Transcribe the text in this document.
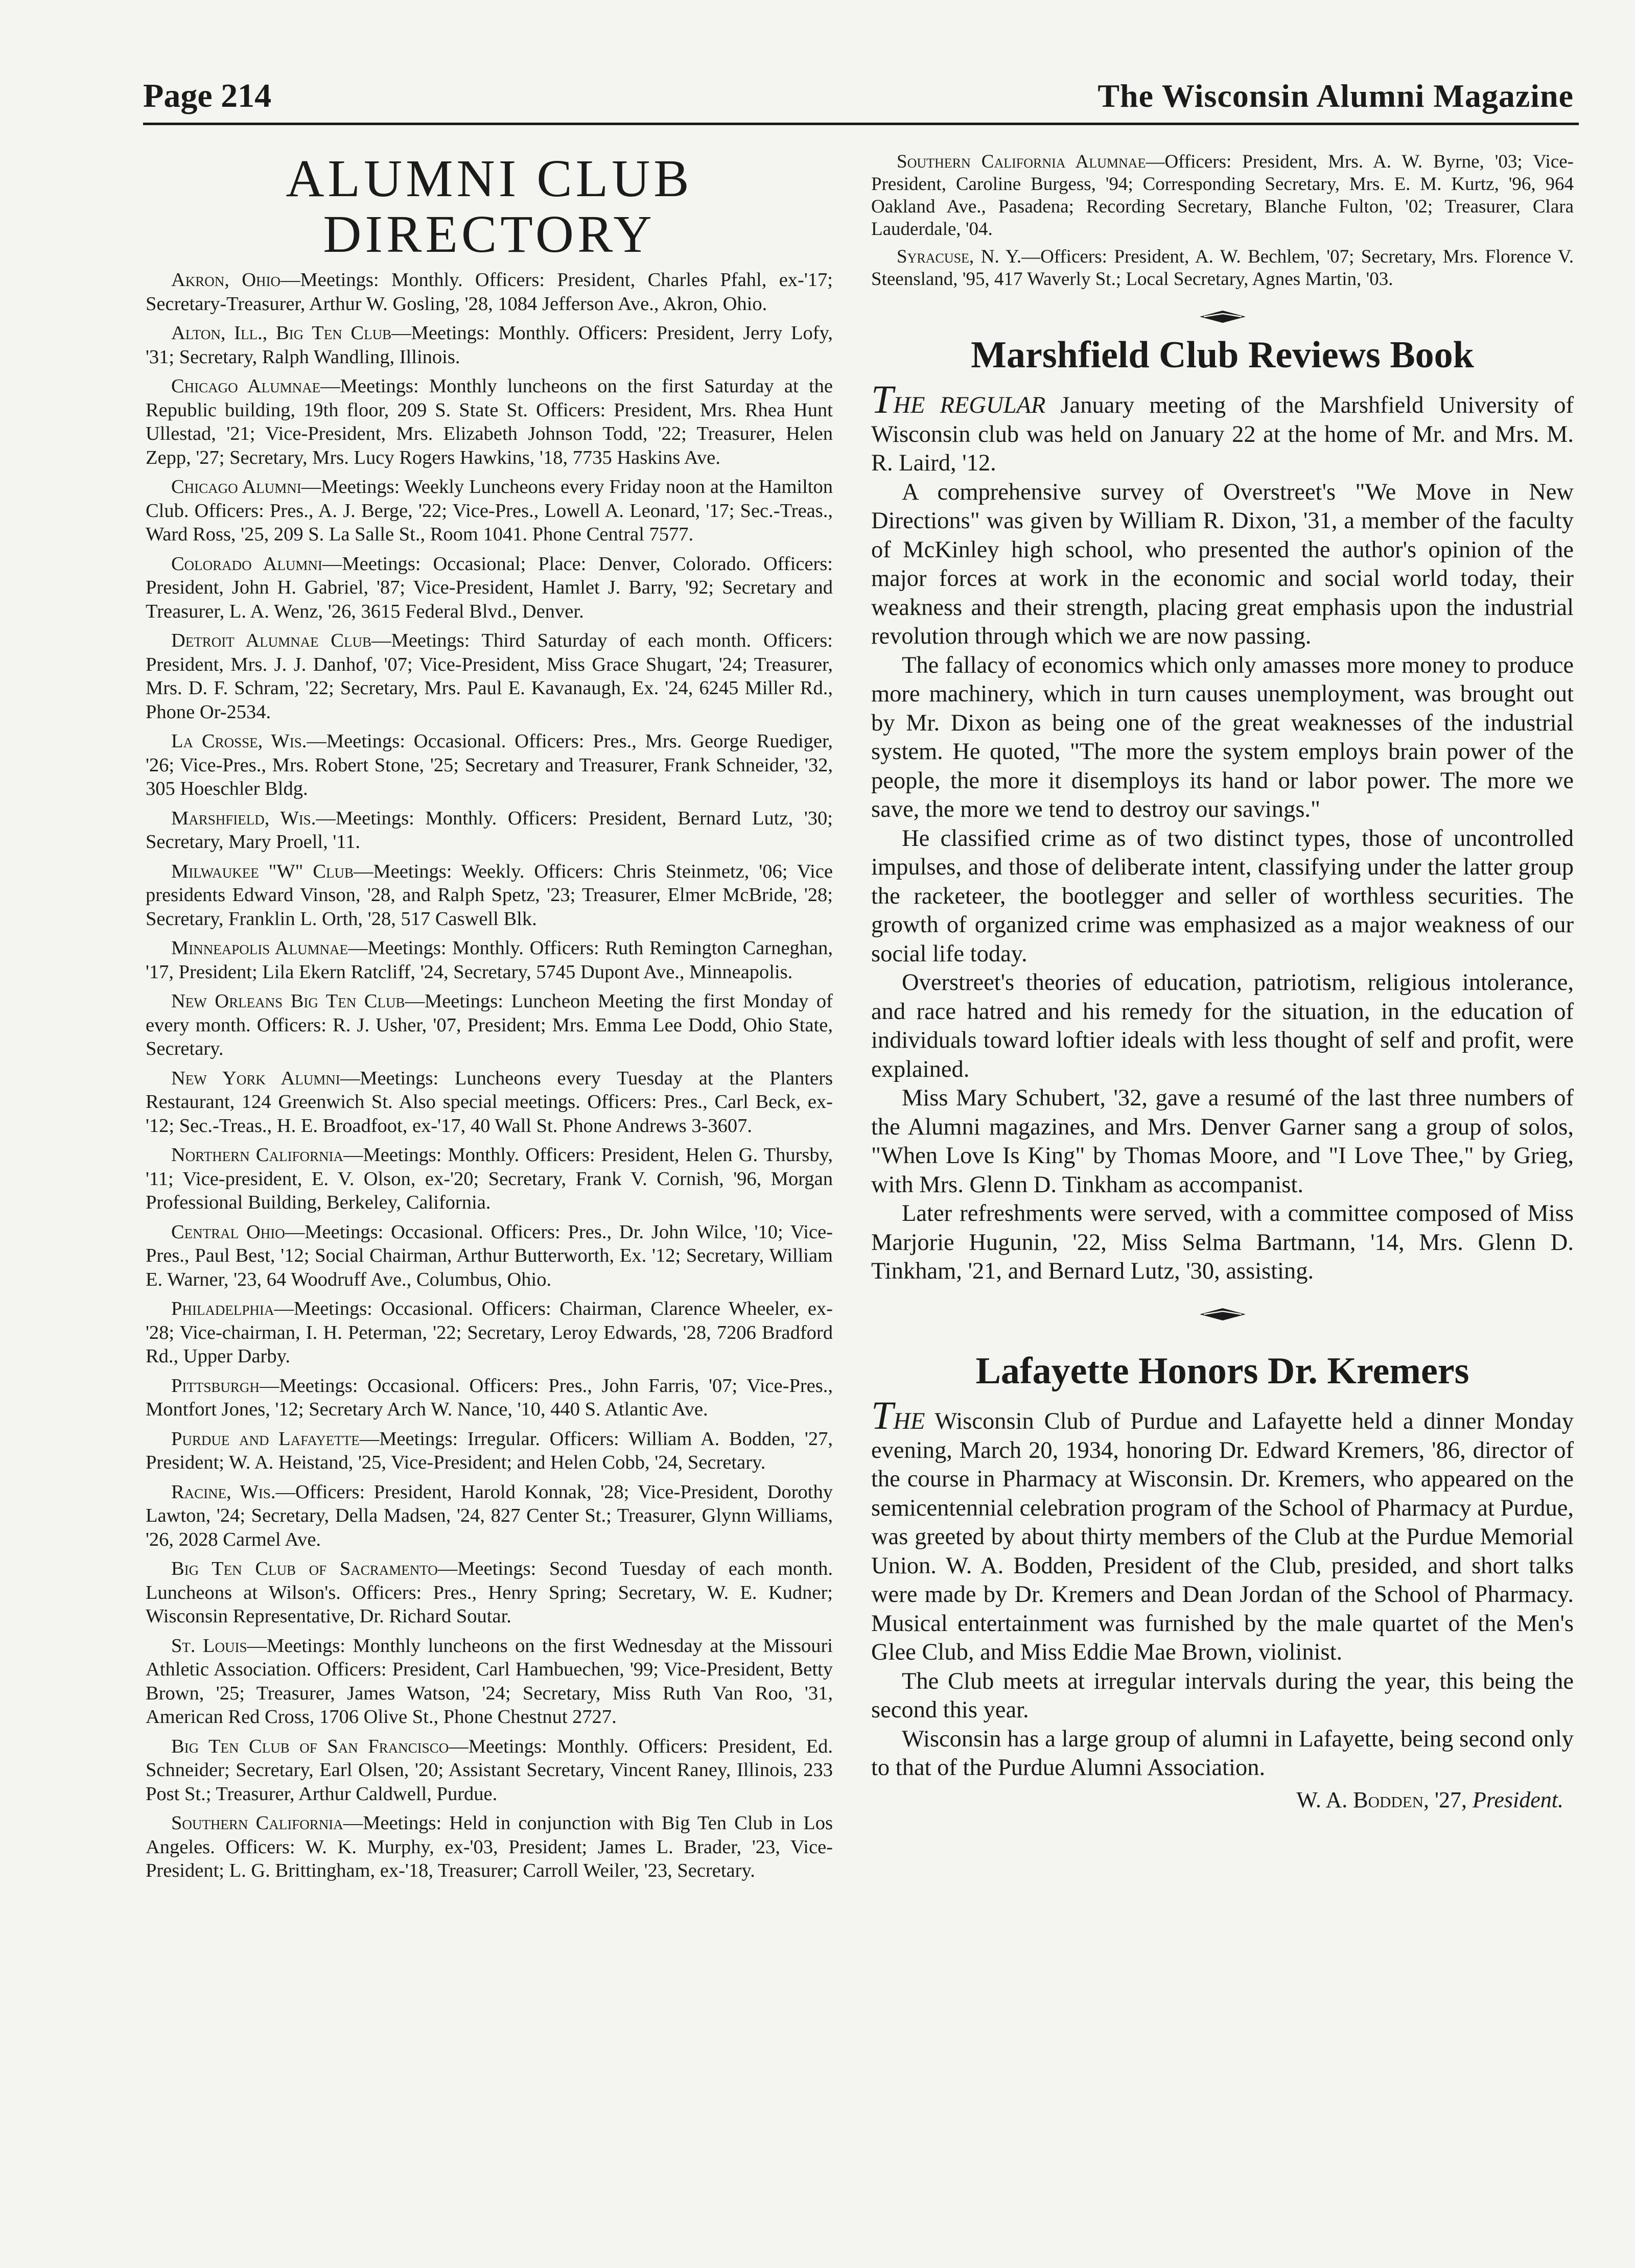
Page 214	The Wisconsin Alumni Magazine
ALUMNI CLUB DIRECTORY

Akron, Ohio—Meetings: Monthly. Officers: President, Charles Pfahl, ex-'17; Secretary-Treasurer, Arthur W. Gosling, '28, 1084 Jefferson Ave., Akron, Ohio.

Alton, Ill., Big Ten Club—Meetings: Monthly. Officers: President, Jerry Lofy, '31; Secretary, Ralph Wandling, Illinois.

Chicago Alumnae—Meetings: Monthly luncheons on the first Saturday at the Republic building, 19th floor, 209 S. State St. Officers: President, Mrs. Rhea Hunt Ullestad, '21; Vice-President, Mrs. Elizabeth Johnson Todd, '22; Treasurer, Helen Zepp, '27; Secretary, Mrs. Lucy Rogers Hawkins, '18, 7735 Haskins Ave.

Chicago Alumni—Meetings: Weekly Luncheons every Friday noon at the Hamilton Club. Officers: Pres., A. J. Berge, '22; Vice-Pres., Lowell A. Leonard, '17; Sec.-Treas., Ward Ross, '25, 209 S. La Salle St., Room 1041. Phone Central 7577.

Colorado Alumni—Meetings: Occasional; Place: Denver, Colorado. Officers: President, John H. Gabriel, '87; Vice-President, Hamlet J. Barry, '92; Secretary and Treasurer, L. A. Wenz, '26, 3615 Federal Blvd., Denver.

Detroit Alumnae Club—Meetings: Third Saturday of each month. Officers: President, Mrs. J. J. Danhof, '07; Vice-President, Miss Grace Shugart, '24; Treasurer, Mrs. D. F. Schram, '22; Secretary, Mrs. Paul E. Kavanaugh, Ex. '24, 6245 Miller Rd., Phone Or-2534.

La Crosse, Wis.—Meetings: Occasional. Officers: Pres., Mrs. George Ruediger, '26; Vice-Pres., Mrs. Robert Stone, '25; Secretary and Treasurer, Frank Schneider, '32, 305 Hoeschler Bldg.

Marshfield, Wis.—Meetings: Monthly. Officers: President, Bernard Lutz, '30; Secretary, Mary Proell, '11.

Milwaukee "W" Club—Meetings: Weekly. Officers: Chris Steinmetz, '06; Vice presidents Edward Vinson, '28, and Ralph Spetz, '23; Treasurer, Elmer McBride, '28; Secretary, Franklin L. Orth, '28, 517 Caswell Blk.

Minneapolis Alumnae—Meetings: Monthly. Officers: Ruth Remington Carneghan, '17, President; Lila Ekern Ratcliff, '24, Secretary, 5745 Dupont Ave., Minneapolis.

New Orleans Big Ten Club—Meetings: Luncheon Meeting the first Monday of every month. Officers: R. J. Usher, '07, President; Mrs. Emma Lee Dodd, Ohio State, Secretary.

New York Alumni—Meetings: Luncheons every Tuesday at the Planters Restaurant, 124 Greenwich St. Also special meetings. Officers: Pres., Carl Beck, ex-'12; Sec.-Treas., H. E. Broadfoot, ex-'17, 40 Wall St. Phone Andrews 3-3607.

Northern California—Meetings: Monthly. Officers: President, Helen G. Thursby, '11; Vice-president, E. V. Olson, ex-'20; Secretary, Frank V. Cornish, '96, Morgan Professional Building, Berkeley, California.

Central Ohio—Meetings: Occasional. Officers: Pres., Dr. John Wilce, '10; Vice-Pres., Paul Best, '12; Social Chairman, Arthur Butterworth, Ex. '12; Secretary, William E. Warner, '23, 64 Woodruff Ave., Columbus, Ohio.

Philadelphia—Meetings: Occasional. Officers: Chairman, Clarence Wheeler, ex-'28; Vice-chairman, I. H. Peterman, '22; Secretary, Leroy Edwards, '28, 7206 Bradford Rd., Upper Darby.

Pittsburgh—Meetings: Occasional. Officers: Pres., John Farris, '07; Vice-Pres., Montfort Jones, '12; Secretary Arch W. Nance, '10, 440 S. Atlantic Ave.

Purdue and Lafayette—Meetings: Irregular. Officers: William A. Bodden, '27, President; W. A. Heistand, '25, Vice-President; and Helen Cobb, '24, Secretary.

Racine, Wis.—Officers: President, Harold Konnak, '28; Vice-President, Dorothy Lawton, '24; Secretary, Della Madsen, '24, 827 Center St.; Treasurer, Glynn Williams, '26, 2028 Carmel Ave.

Big Ten Club of Sacramento—Meetings: Second Tuesday of each month. Luncheons at Wilson's. Officers: Pres., Henry Spring; Secretary, W. E. Kudner; Wisconsin Representative, Dr. Richard Soutar.

St. Louis—Meetings: Monthly luncheons on the first Wednesday at the Missouri Athletic Association. Officers: President, Carl Hambuechen, '99; Vice-President, Betty Brown, '25; Treasurer, James Watson, '24; Secretary, Miss Ruth Van Roo, '31, American Red Cross, 1706 Olive St., Phone Chestnut 2727.

Big Ten Club of San Francisco—Meetings: Monthly. Officers: President, Ed. Schneider; Secretary, Earl Olsen, '20; Assistant Secretary, Vincent Raney, Illinois, 233 Post St.; Treasurer, Arthur Caldwell, Purdue.

Southern California—Meetings: Held in conjunction with Big Ten Club in Los Angeles. Officers: W. K. Murphy, ex-'03, President; James L. Brader, '23, Vice-President; L. G. Brittingham, ex-'18, Treasurer; Carroll Weiler, '23, Secretary.

Southern California Alumnae—Officers: President, Mrs. A. W. Byrne, '03; Vice-President, Caroline Burgess, '94; Corresponding Secretary, Mrs. E. M. Kurtz, '96, 964 Oakland Ave., Pasadena; Recording Secretary, Blanche Fulton, '02; Treasurer, Clara Lauderdale, '04.

Syracuse, N. Y.—Officers: President, A. W. Bechlem, '07; Secretary, Mrs. Florence V. Steensland, '95, 417 Waverly St.; Local Secretary, Agnes Martin, '03.

Marshfield Club Reviews Book

THE REGULAR January meeting of the Marshfield University of Wisconsin club was held on January 22 at the home of Mr. and Mrs. M. R. Laird, '12.

A comprehensive survey of Overstreet's "We Move in New Directions" was given by William R. Dixon, '31, a member of the faculty of McKinley high school, who presented the author's opinion of the major forces at work in the economic and social world today, their weakness and their strength, placing great emphasis upon the industrial revolution through which we are now passing.

The fallacy of economics which only amasses more money to produce more machinery, which in turn causes unemployment, was brought out by Mr. Dixon as being one of the great weaknesses of the industrial system. He quoted, "The more the system employs brain power of the people, the more it disemploys its hand or labor power. The more we save, the more we tend to destroy our savings."

He classified crime as of two distinct types, those of uncontrolled impulses, and those of deliberate intent, classifying under the latter group the racketeer, the bootlegger and seller of worthless securities. The growth of organized crime was emphasized as a major weakness of our social life today.

Overstreet's theories of education, patriotism, religious intolerance, and race hatred and his remedy for the situation, in the education of individuals toward loftier ideals with less thought of self and profit, were explained.

Miss Mary Schubert, '32, gave a resumé of the last three numbers of the Alumni magazines, and Mrs. Denver Garner sang a group of solos, "When Love Is King" by Thomas Moore, and "I Love Thee," by Grieg, with Mrs. Glenn D. Tinkham as accompanist.

Later refreshments were served, with a committee composed of Miss Marjorie Hugunin, '22, Miss Selma Bartmann, '14, Mrs. Glenn D. Tinkham, '21, and Bernard Lutz, '30, assisting.

Lafayette Honors Dr. Kremers

THE Wisconsin Club of Purdue and Lafayette held a dinner Monday evening, March 20, 1934, honoring Dr. Edward Kremers, '86, director of the course in Pharmacy at Wisconsin. Dr. Kremers, who appeared on the semicentennial celebration program of the School of Pharmacy at Purdue, was greeted by about thirty members of the Club at the Purdue Memorial Union. W. A. Bodden, President of the Club, presided, and short talks were made by Dr. Kremers and Dean Jordan of the School of Pharmacy. Musical entertainment was furnished by the male quartet of the Men's Glee Club, and Miss Eddie Mae Brown, violinist.

The Club meets at irregular intervals during the year, this being the second this year.

Wisconsin has a large group of alumni in Lafayette, being second only to that of the Purdue Alumni Association.

W. A. Bodden, '27, President.
